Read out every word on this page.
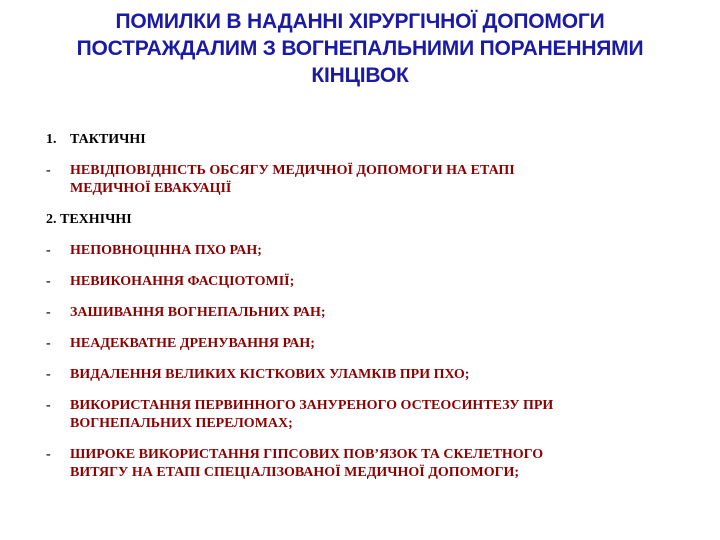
ПОМИЛКИ В НАДАННІ ХІРУРГІЧНОЇ ДОПОМОГИ
ПОСТРАЖДАЛИМ З ВОГНЕПАЛЬНИМИ ПОРАНЕННЯМИ
КІНЦІВОК
1. ТАКТИЧНІ
-	НЕВІДПОВІДНІСТЬ ОБСЯГУ МЕДИЧНОЇ ДОПОМОГИ НА ЕТАПІ
МЕДИЧНОЇ ЕВАКУАЦІЇ
2. ТЕХНІЧНІ
-	НЕПОВНОЦІННА ПХО РАН;
-	НЕВИКОНАННЯ ФАСЦІОТОМІЇ;
-	ЗАШИВАННЯ ВОГНЕПАЛЬНИХ РАН;
-	НЕАДЕКВАТНЕ ДРЕНУВАННЯ РАН;
-	ВИДАЛЕННЯ ВЕЛИКИХ КІСТКОВИХ УЛАМКІВ ПРИ ПХО;
-	ВИКОРИСТАННЯ ПЕРВИННОГО ЗАНУРЕНОГО ОСТЕОСИНТЕЗУ ПРИ
ВОГНЕПАЛЬНИХ ПЕРЕЛОМАХ;
-	ШИРОКЕ ВИКОРИСТАННЯ ГІПСОВИХ ПОВ’ЯЗОК ТА СКЕЛЕТНОГО
ВИТЯГУ НА ЕТАПІ СПЕЦІАЛІЗОВАНОЇ МЕДИЧНОЇ ДОПОМОГИ;
